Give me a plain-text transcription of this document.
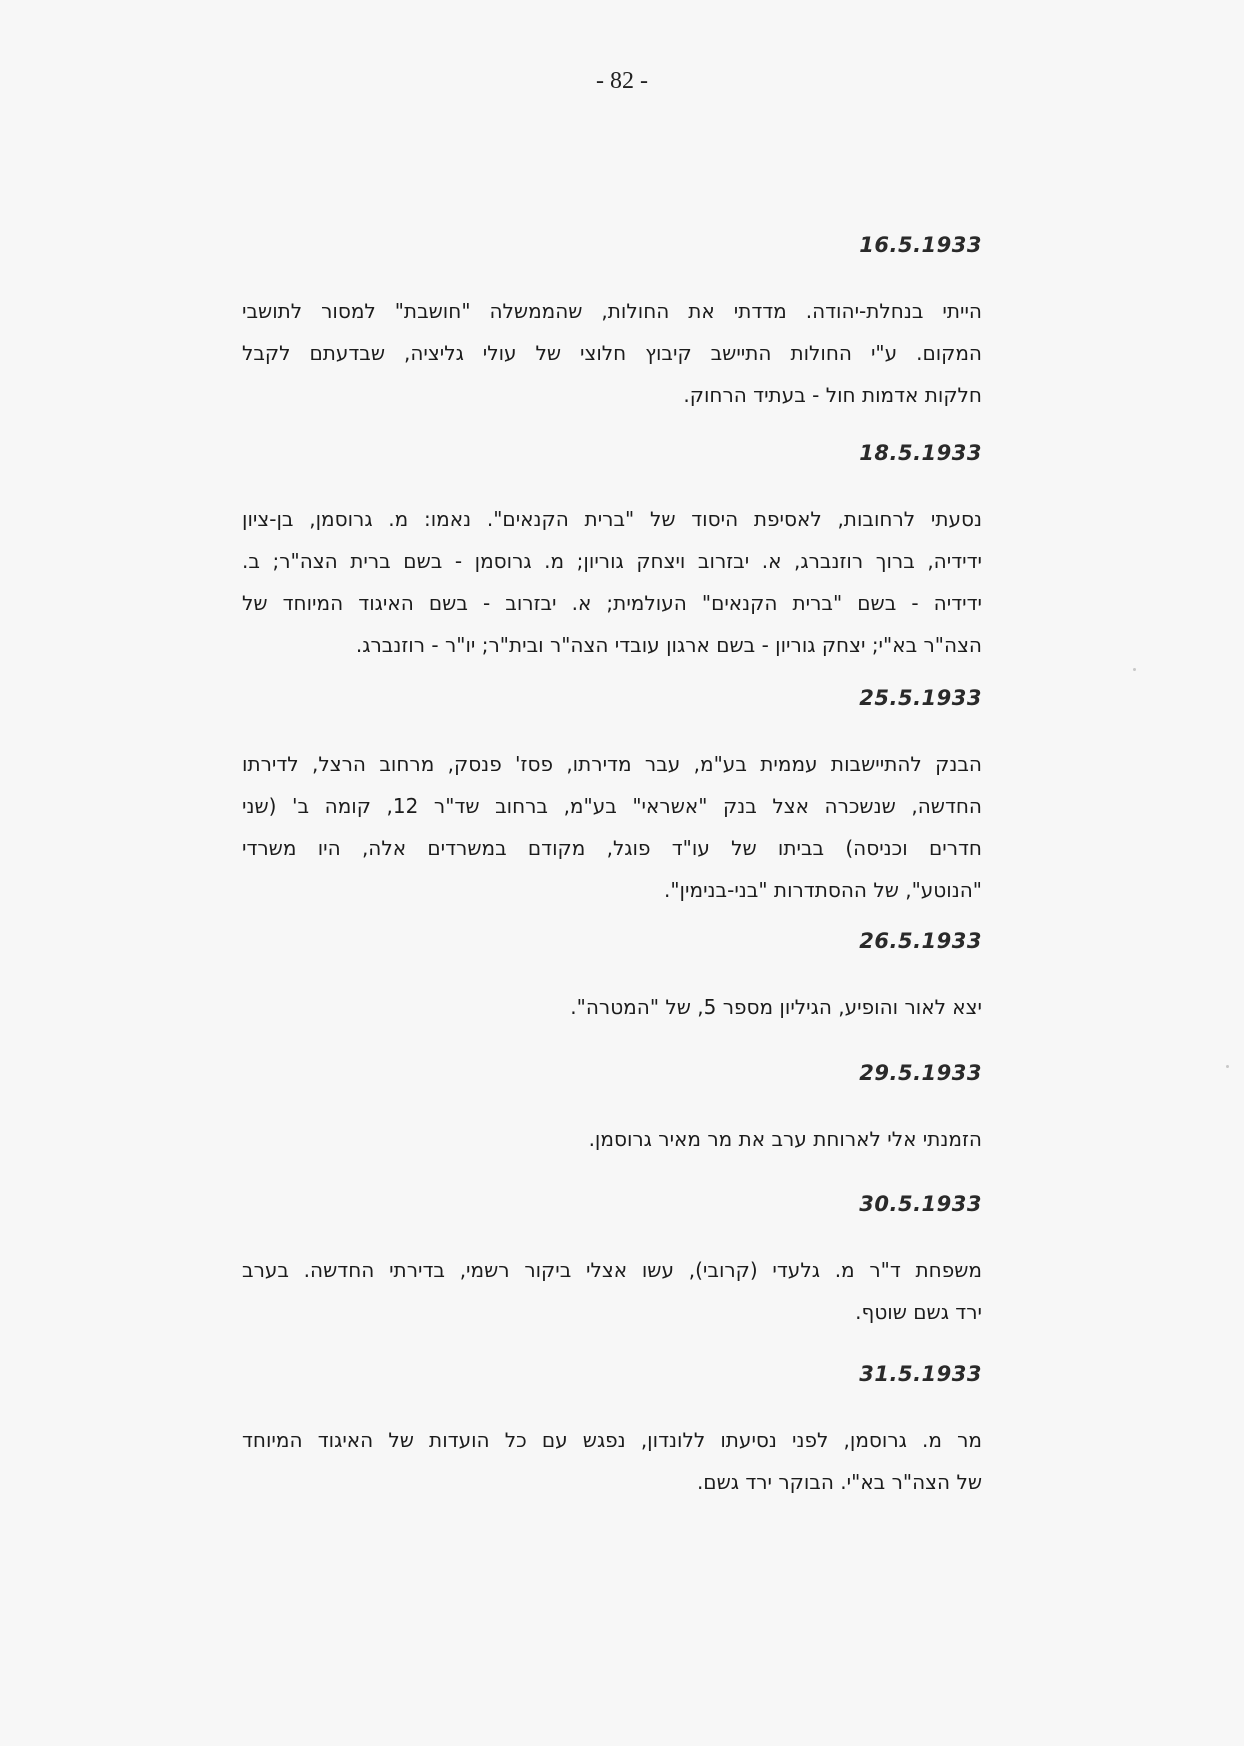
- 82 -
16.5.1933
הייתי בנחלת-יהודה. מדדתי את החולות, שהממשלה "חושבת" למסור לתושבי
המקום. ע"י החולות התיישב קיבוץ חלוצי של עולי גליציה, שבדעתם לקבל
חלקות אדמות חול - בעתיד הרחוק.
18.5.1933
נסעתי לרחובות, לאסיפת היסוד של "ברית הקנאים". נאמו: מ. גרוסמן, בן-ציון
ידידיה, ברוך רוזנברג, א. יבזרוב ויצחק גוריון; מ. גרוסמן - בשם ברית הצה"ר; ב.
ידידיה - בשם "ברית הקנאים" העולמית; א. יבזרוב - בשם האיגוד המיוחד של
הצה"ר בא"י; יצחק גוריון - בשם ארגון עובדי הצה"ר ובית"ר; יו"ר - רוזנברג.
25.5.1933
הבנק להתיישבות עממית בע"מ, עבר מדירתו, פסז' פנסק, מרחוב הרצל, לדירתו
החדשה, שנשכרה אצל בנק "אשראי" בע"מ, ברחוב שד"ר 12, קומה ב' (שני
חדרים וכניסה) בביתו של עו"ד פוגל, מקודם במשרדים אלה, היו משרדי
"הנוטע", של ההסתדרות "בני-בנימין".
26.5.1933
יצא לאור והופיע, הגיליון מספר 5, של "המטרה".
29.5.1933
הזמנתי אלי לארוחת ערב את מר מאיר גרוסמן.
30.5.1933
משפחת ד"ר מ. גלעדי (קרובי), עשו אצלי ביקור רשמי, בדירתי החדשה. בערב
ירד גשם שוטף.
31.5.1933
מר מ. גרוסמן, לפני נסיעתו ללונדון, נפגש עם כל הועדות של האיגוד המיוחד
של הצה"ר בא"י. הבוקר ירד גשם.
